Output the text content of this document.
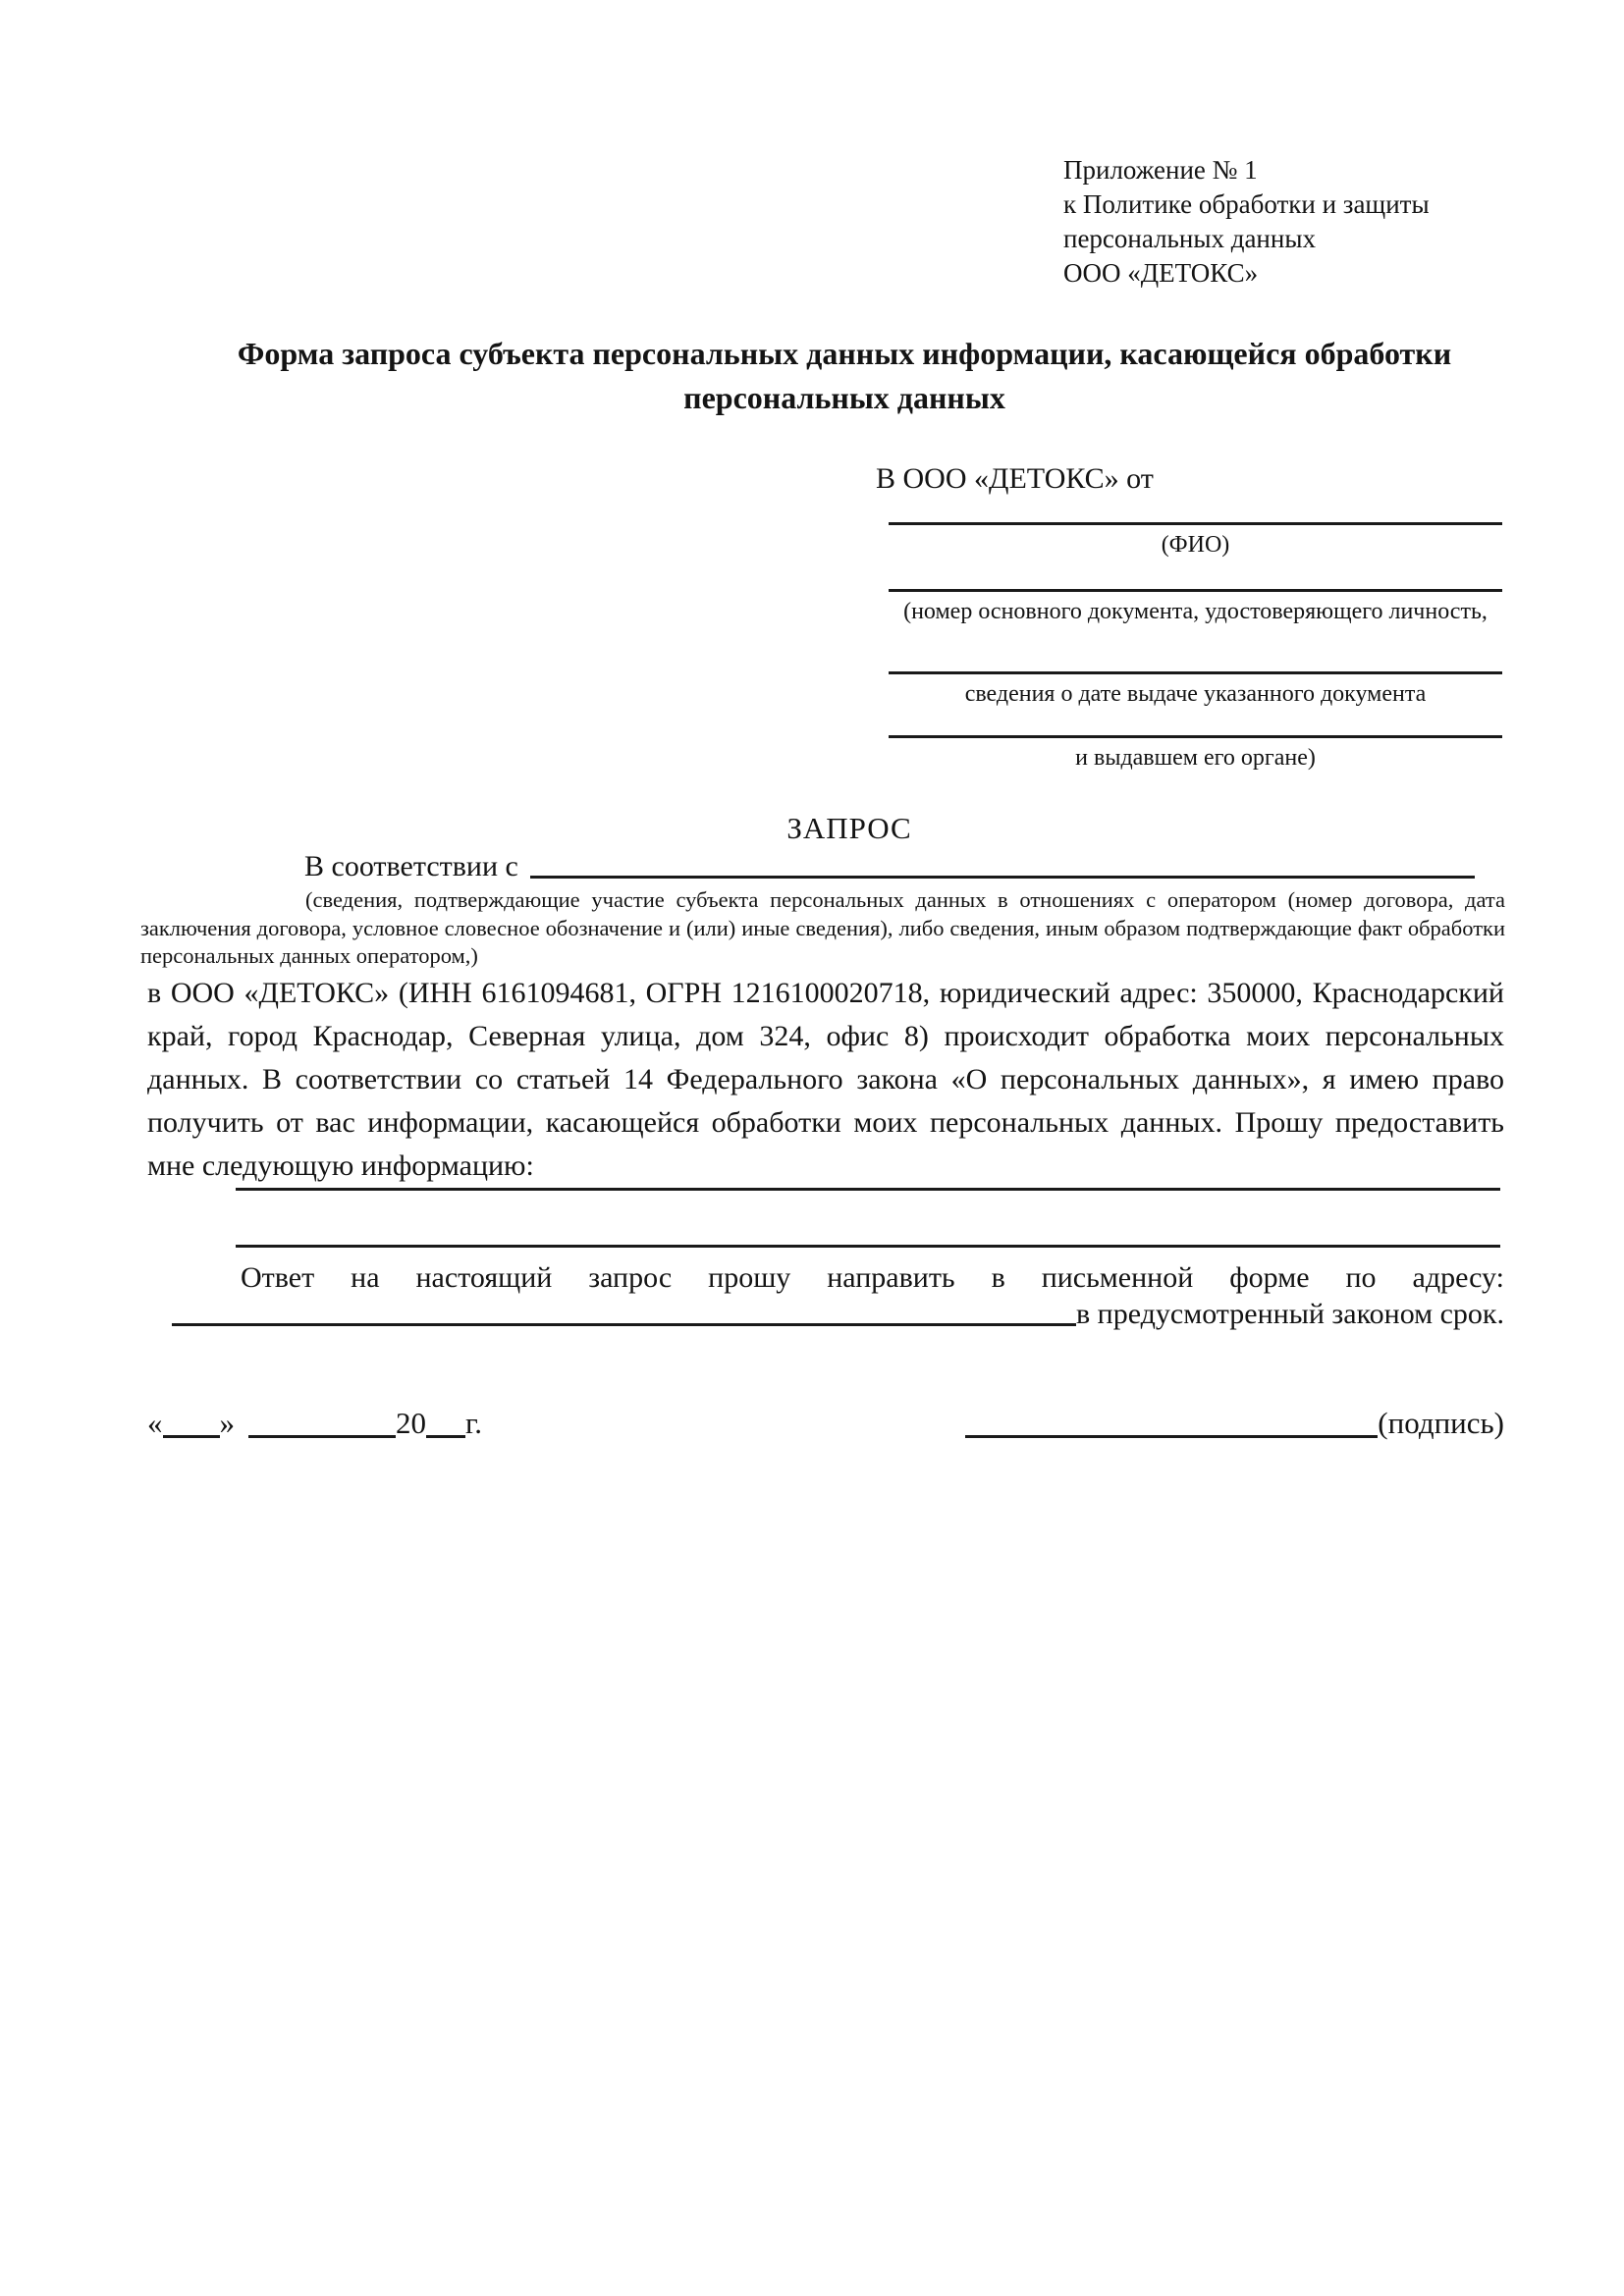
Приложение № 1
к Политике обработки и защиты
персональных данных
ООО «ДЕТОКС»
Форма запроса субъекта персональных данных информации, касающейся обработки персональных данных
В ООО «ДЕТОКС» от
(ФИО)
(номер основного документа, удостоверяющего личность,
сведения о дате выдаче указанного документа
и выдавшем его органе)
ЗАПРОС
В соответствии с
(сведения, подтверждающие участие субъекта персональных данных в отношениях с оператором (номер договора, дата заключения договора, условное словесное обозначение и (или) иные сведения), либо сведения, иным образом подтверждающие факт обработки персональных данных оператором,)
в ООО «ДЕТОКС» (ИНН 6161094681, ОГРН 1216100020718, юридический адрес: 350000, Краснодарский край, город Краснодар, Северная улица, дом 324, офис 8) происходит обработка моих персональных данных. В соответствии со статьей 14 Федерального закона «О персональных данных», я имею право получить от вас информации, касающейся обработки моих персональных данных. Прошу предоставить мне следующую информацию:
Ответ на настоящий запрос прошу направить в письменной форме по адресу:
в предусмотренный законом срок.
« »	20 г.	(подпись)
